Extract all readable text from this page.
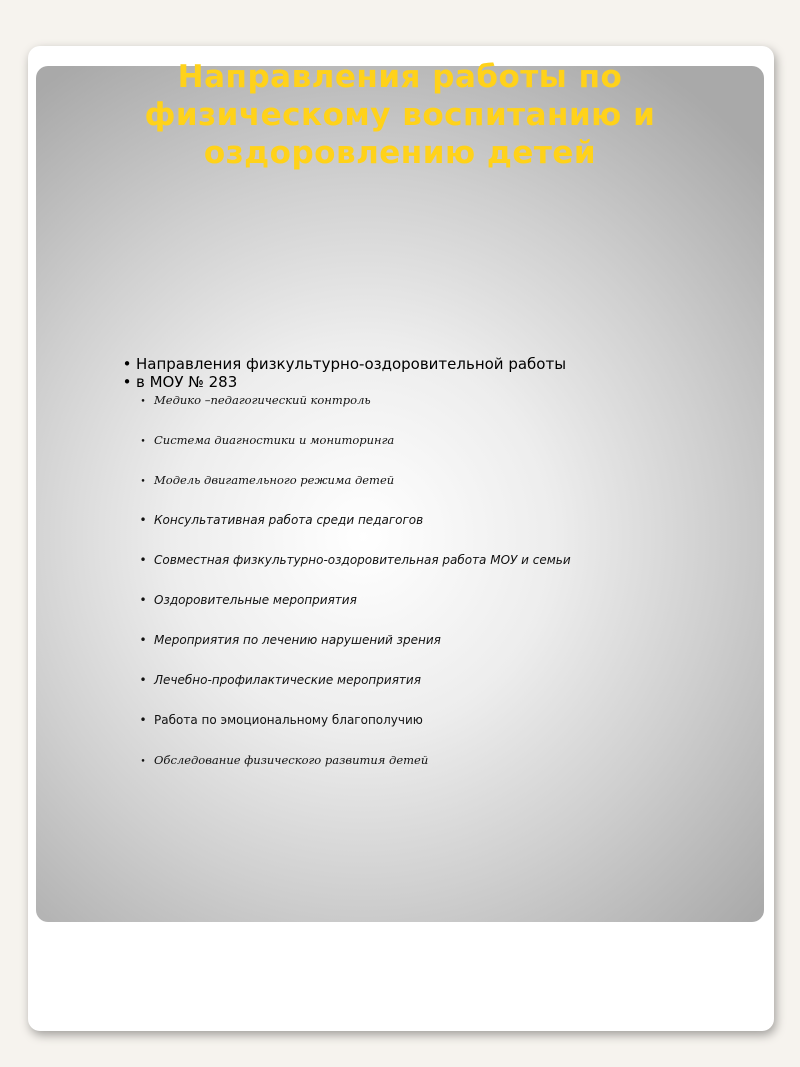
Направления работы по
физическому воспитанию и
оздоровлению детей
• Направления физкультурно-оздоровительной работы
• в МОУ № 283
• Медико –педагогический контроль
• Система диагностики и мониторинга
• Модель двигательного режима детей
• Консультативная работа среди педагогов
• Совместная физкультурно-оздоровительная работа МОУ и семьи
• Оздоровительные мероприятия
• Мероприятия по лечению нарушений зрения
• Лечебно-профилактические мероприятия
• Работа по эмоциональному благополучию
• Обследование физического развития детей
